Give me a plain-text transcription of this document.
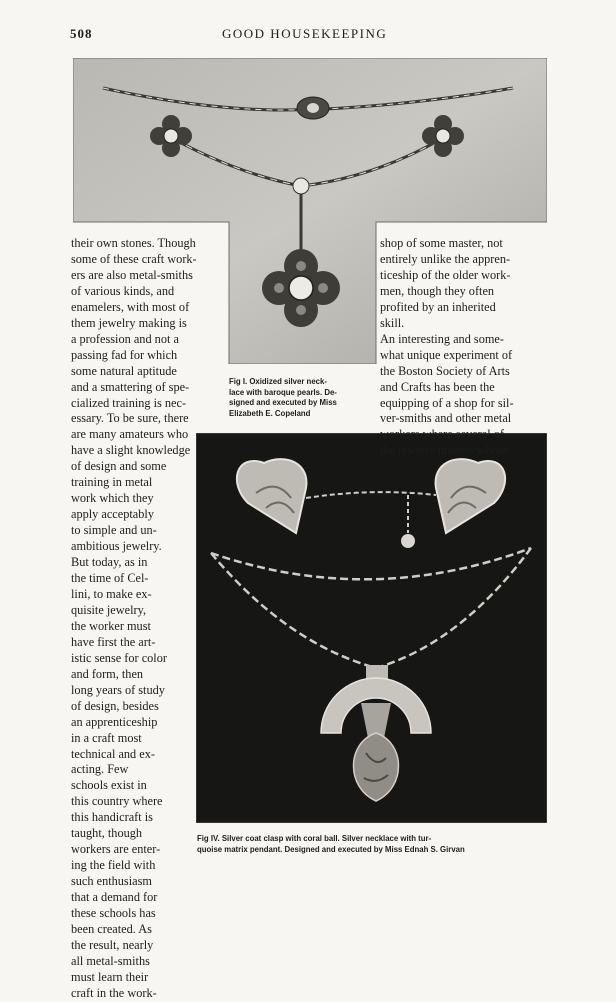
508	GOOD HOUSEKEEPING
Fig I. Oxidized silver neck-
lace with baroque pearls. De-
signed and executed by Miss
Elizabeth E. Copeland
Fig IV. Silver coat clasp with coral ball. Silver necklace with tur-
quoise matrix pendant. Designed and executed by Miss Ednah S. Girvan
their own stones. Though
some of these craft work-
ers are also metal-smiths
of various kinds, and
enamelers, with most of
them jewelry making is
a profession and not a
passing fad for which
some natural aptitude
and a smattering of spe-
cialized training is nec-
essary. To be sure, there
are many amateurs who
have a slight knowledge
of design and some
training in metal
work which they
apply acceptably
to simple and un-
ambitious jewelry.
But today, as in
the time of Cel-
lini, to make ex-
quisite jewelry,
the worker must
have first the art-
istic sense for color
and form, then
long years of study
of design, besides
an apprenticeship
in a craft most
technical and ex-
acting. Few
schools exist in
this country where
this handicraft is
taught, though
workers are enter-
ing the field with
such enthusiasm
that a demand for
these schools has
been created. As
the result, nearly
all metal-smiths
must learn their
craft in the work-
shop of some master, not
entirely unlike the appren-
ticeship of the older work-
men, though they often
profited by an inherited
skill.
An interesting and some-
what unique experiment of
the Boston Society of Arts
and Crafts has been the
equipping of a shop for sil-
ver-smiths and other metal
workers where several of
the jewelry makers whose
